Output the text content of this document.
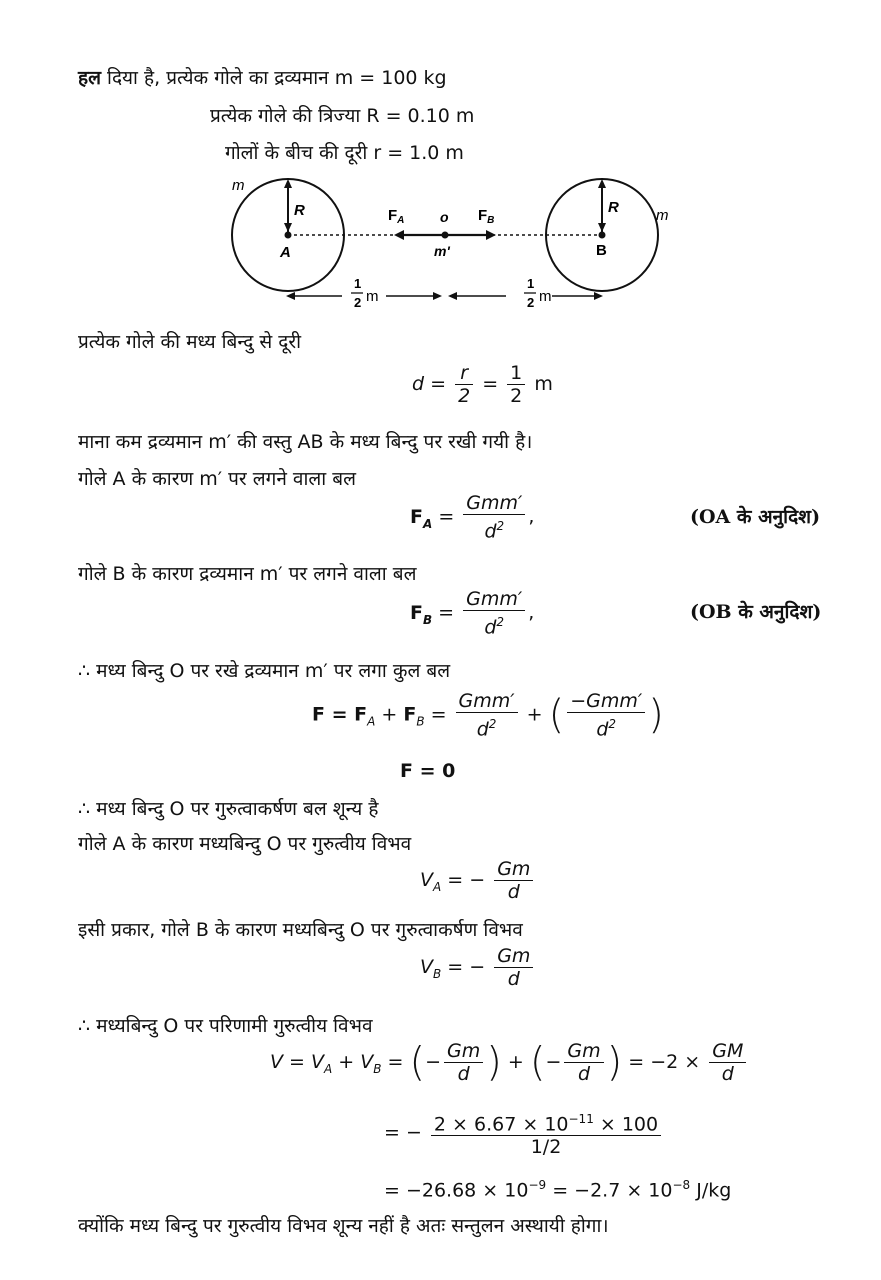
हल दिया है, प्रत्येक गोले का द्रव्यमान m = 100 kg
प्रत्येक गोले की त्रिज्या R = 0.10 m
गोलों के बीच की दूरी r = 1.0 m
m
m
R	R
A	B
$F_A$	o $F_B$
m'
1
2 m
1
2 m
प्रत्येक गोले की मध्य बिन्दु से दूरी
$d = \frac{r}{2} = \frac{1}{2}$ m
माना कम द्रव्यमान m′ की वस्तु AB के मध्य बिन्दु पर रखी गयी है।
गोले A के कारण m′ पर लगने वाला बल
$F_A = \frac{\text{Gmm′}}{d^2}$ ,	(OA के अनुदिश)
गोले B के कारण द्रव्यमान m′ पर लगने वाला बल
$F_B = \frac{\text{Gmm′}}{d^2}$ ,	(OB के अनुदिश)
∴ मध्य बिन्दु O पर रखे द्रव्यमान m′ पर लगा कुल बल
$F = F_A + F_B = \frac{\text{Gmm′}}{d^2}$ + ( $\frac{\text{−Gmm′}}{d^2}$ )
F = 0
∴ मध्य बिन्दु O पर गुरुत्वाकर्षण बल शून्य है
गोले A के कारण मध्यबिन्दु O पर गुरुत्वीय विभव
$V_A$ = − $\frac{Gm}{d}$
इसी प्रकार, गोले B के कारण मध्यबिन्दु O पर गुरुत्वाकर्षण विभव
$V_B$ = − $\frac{Gm}{d}$
∴ मध्यबिन्दु O पर परिणामी गुरुत्वीय विभव
$V = V_A + V_B$ = (− $\frac{Gm}{d}$ ) + (− $\frac{Gm}{d}$ ) = $-2 \times \frac{GM}{d}$
= − $\frac{2 \times 6.67 \times 10^{-11} \times 100}{1/2}$
= $-26.68 \times 10^{-9} = -2.7 \times 10^{-8}$ J/kg
क्योंकि मध्य बिन्दु पर गुरुत्वीय विभव शून्य नहीं है अतः सन्तुलन अस्थायी होगा।
